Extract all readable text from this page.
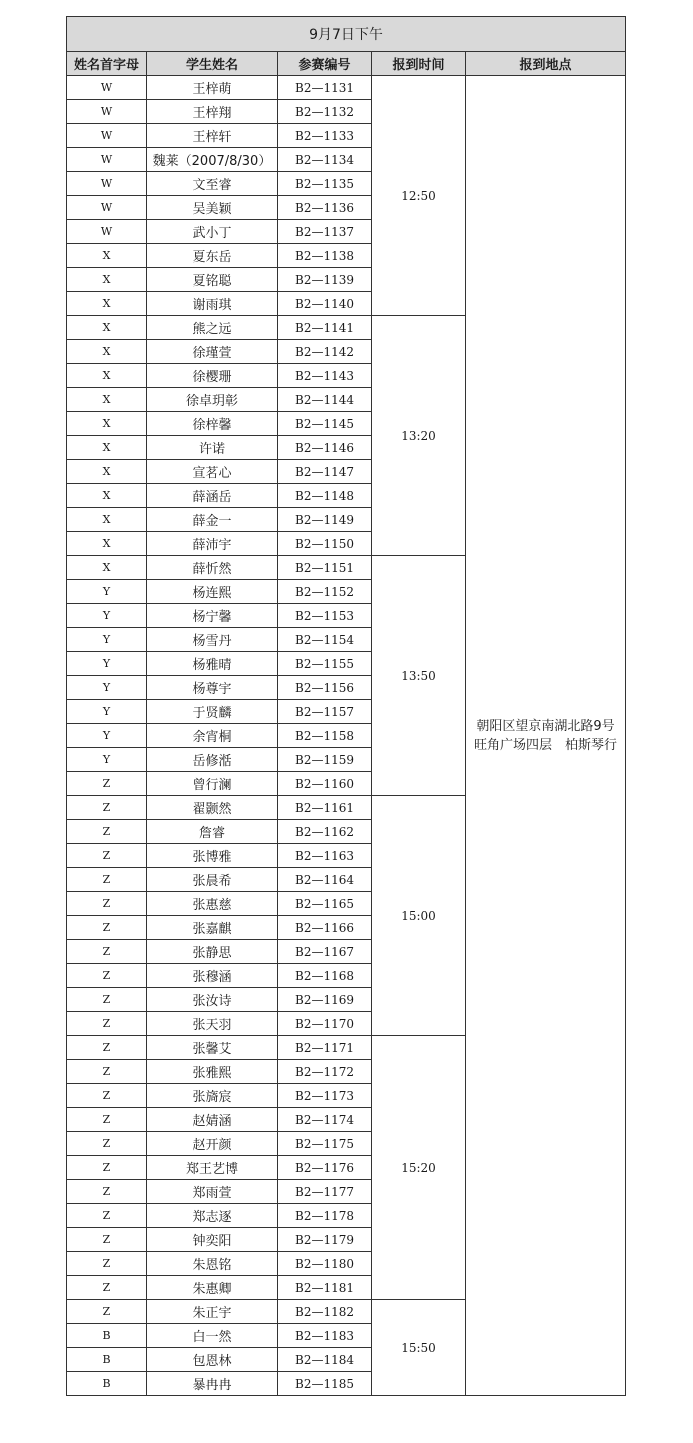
9月7日下午				
姓名首字母	学生姓名	参赛编号	报到时间	报到地点
W	王梓萌	B2—1131	12:50	朝阳区望京南湖北路9号 旺角广场四层　柏斯琴行
W	王梓翔	B2—1132		
W	王梓轩	B2—1133		
W	魏莱（2007/8/30）	B2—1134		
W	文至睿	B2—1135		
W	吴美颖	B2—1136		
W	武小丁	B2—1137		
X	夏东岳	B2—1138		
X	夏铭聪	B2—1139		
X	谢雨琪	B2—1140		
X	熊之远	B2—1141	13:20	
X	徐瑾萱	B2—1142		
X	徐樱珊	B2—1143		
X	徐卓玥彰	B2—1144		
X	徐梓馨	B2—1145		
X	许诺	B2—1146		
X	宣茗心	B2—1147		
X	薛涵岳	B2—1148		
X	薛金一	B2—1149		
X	薛沛宇	B2—1150		
X	薛忻然	B2—1151	13:50	
Y	杨连熙	B2—1152		
Y	杨宁馨	B2—1153		
Y	杨雪丹	B2—1154		
Y	杨雅晴	B2—1155		
Y	杨尊宇	B2—1156		
Y	于贤麟	B2—1157		
Y	余宵桐	B2—1158		
Y	岳修湉	B2—1159		
Z	曾行澜	B2—1160		
Z	翟颢然	B2—1161	15:00	
Z	詹睿	B2—1162		
Z	张博雅	B2—1163		
Z	张晨希	B2—1164		
Z	张惠慈	B2—1165		
Z	张嘉麒	B2—1166		
Z	张静思	B2—1167		
Z	张穆涵	B2—1168		
Z	张汝诗	B2—1169		
Z	张天羽	B2—1170		
Z	张馨艾	B2—1171	15:20	
Z	张雅熙	B2—1172		
Z	张旖宸	B2—1173		
Z	赵婧涵	B2—1174		
Z	赵开颜	B2—1175		
Z	郑王艺博	B2—1176		
Z	郑雨萱	B2—1177		
Z	郑志逐	B2—1178		
Z	钟奕阳	B2—1179		
Z	朱恩铭	B2—1180		
Z	朱惠卿	B2—1181		
Z	朱正宇	B2—1182	15:50	
B	白一然	B2—1183		
B	包恩林	B2—1184		
B	暴冉冉	B2—1185		
